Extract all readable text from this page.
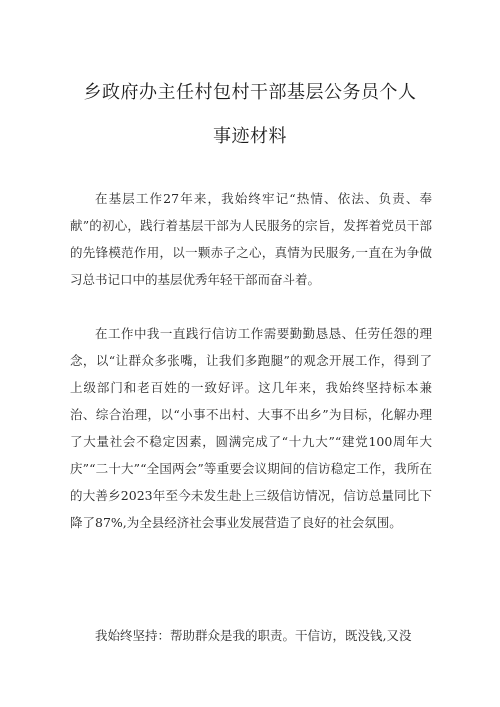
乡政府办主任村包村干部基层公务员个人
事迹材料

在基层工作27年来，我始终牢记“热情、依法、负责、奉献”的初心，践行着基层干部为人民服务的宗旨，发挥着党员干部的先锋模范作用，以一颗赤子之心，真情为民服务,一直在为争做习总书记口中的基层优秀年轻干部而奋斗着。

在工作中我一直践行信访工作需要勤勤恳恳、任劳任怨的理念，以“让群众多张嘴，让我们多跑腿”的观念开展工作，得到了上级部门和老百姓的一致好评。这几年来，我始终坚持标本兼治、综合治理，以“小事不出村、大事不出乡”为目标，化解办理了大量社会不稳定因素，圆满完成了“十九大”“建党100周年大庆”“二十大”“全国两会”等重要会议期间的信访稳定工作，我所在的大善乡2023年至今未发生赴上三级信访情况，信访总量同比下降了87%,为全县经济社会事业发展营造了良好的社会氛围。

我始终坚持：帮助群众是我的职责。干信访，既没钱,又没
